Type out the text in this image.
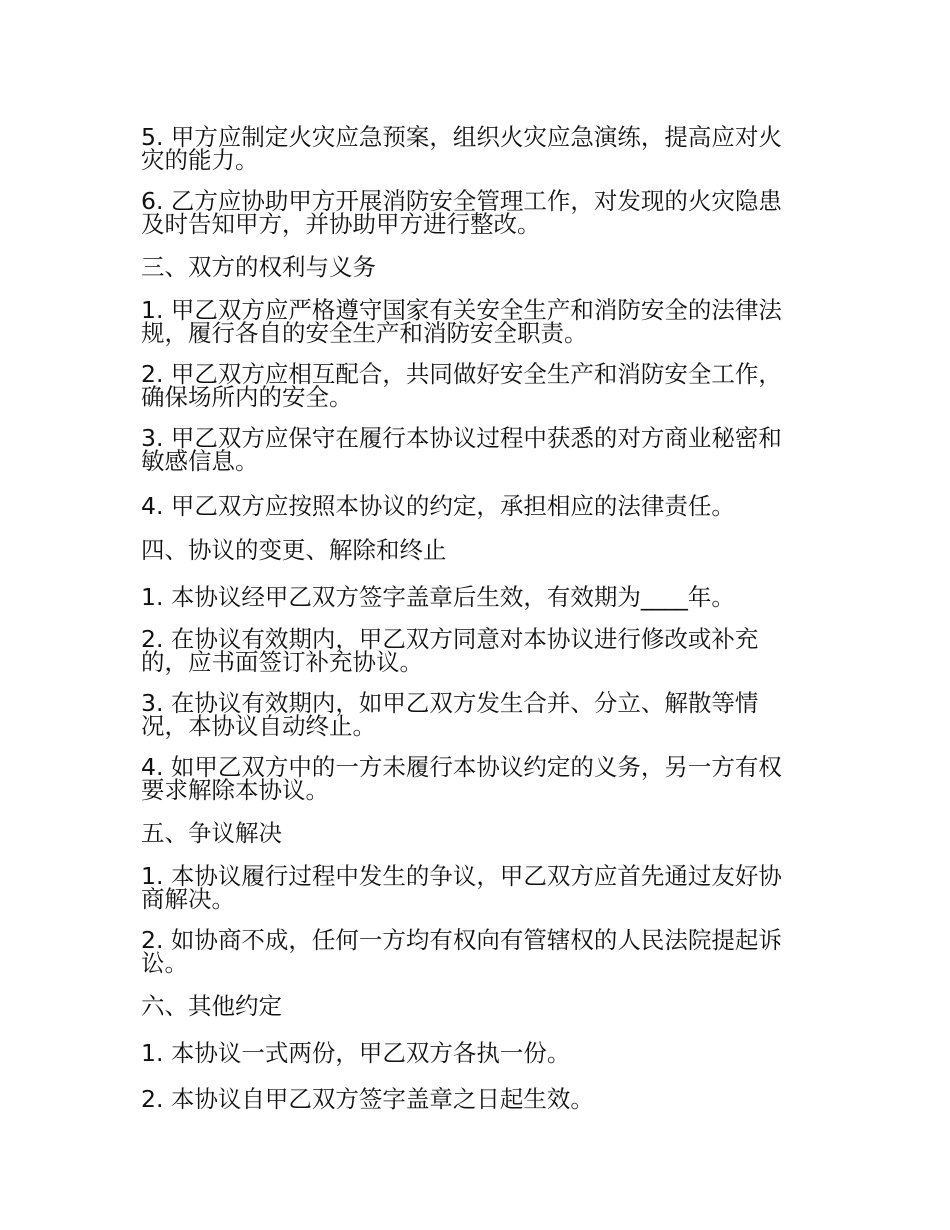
5. 甲方应制定火灾应急预案，组织火灾应急演练，提高应对火灾的能力。

6. 乙方应协助甲方开展消防安全管理工作，对发现的火灾隐患及时告知甲方，并协助甲方进行整改。

三、双方的权利与义务

1. 甲乙双方应严格遵守国家有关安全生产和消防安全的法律法规，履行各自的安全生产和消防安全职责。

2. 甲乙双方应相互配合，共同做好安全生产和消防安全工作，确保场所内的安全。

3. 甲乙双方应保守在履行本协议过程中获悉的对方商业秘密和敏感信息。

4. 甲乙双方应按照本协议的约定，承担相应的法律责任。

四、协议的变更、解除和终止

1. 本协议经甲乙双方签字盖章后生效，有效期为____年。

2. 在协议有效期内，甲乙双方同意对本协议进行修改或补充的，应书面签订补充协议。

3. 在协议有效期内，如甲乙双方发生合并、分立、解散等情况，本协议自动终止。

4. 如甲乙双方中的一方未履行本协议约定的义务，另一方有权要求解除本协议。

五、争议解决

1. 本协议履行过程中发生的争议，甲乙双方应首先通过友好协商解决。

2. 如协商不成，任何一方均有权向有管辖权的人民法院提起诉讼。

六、其他约定

1. 本协议一式两份，甲乙双方各执一份。

2. 本协议自甲乙双方签字盖章之日起生效。
